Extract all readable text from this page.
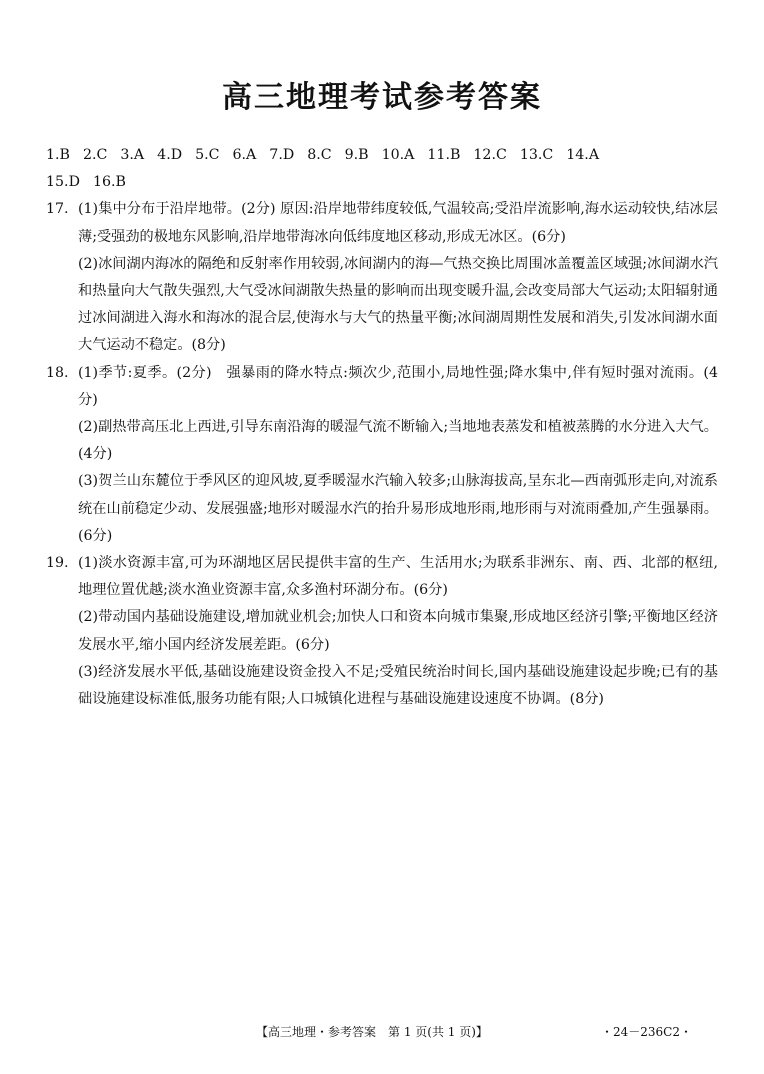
高三地理考试参考答案
1.B 2.C 3.A 4.D 5.C 6.A 7.D 8.C 9.B 10.A 11.B 12.C 13.C 14.A
15.D 16.B
17. (1)集中分布于沿岸地带。(2分) 原因:沿岸地带纬度较低,气温较高;受沿岸流影响,海水运动较快,结冰层薄;受强劲的极地东风影响,沿岸地带海冰向低纬度地区移动,形成无冰区。(6分)
(2)冰间湖内海冰的隔绝和反射率作用较弱,冰间湖内的海—气热交换比周围冰盖覆盖区域强;冰间湖水汽和热量向大气散失强烈,大气受冰间湖散失热量的影响而出现变暖升温,会改变局部大气运动;太阳辐射通过冰间湖进入海水和海冰的混合层,使海水与大气的热量平衡;冰间湖周期性发展和消失,引发冰间湖水面大气运动不稳定。(8分)
18. (1)季节:夏季。(2分)　强暴雨的降水特点:频次少,范围小,局地性强;降水集中,伴有短时强对流雨。(4分)
(2)副热带高压北上西进,引导东南沿海的暖湿气流不断输入;当地地表蒸发和植被蒸腾的水分进入大气。(4分)
(3)贺兰山东麓位于季风区的迎风坡,夏季暖湿水汽输入较多;山脉海拔高,呈东北—西南弧形走向,对流系统在山前稳定少动、发展强盛;地形对暖湿水汽的抬升易形成地形雨,地形雨与对流雨叠加,产生强暴雨。(6分)
19. (1)淡水资源丰富,可为环湖地区居民提供丰富的生产、生活用水;为联系非洲东、南、西、北部的枢纽,地理位置优越;淡水渔业资源丰富,众多渔村环湖分布。(6分)
(2)带动国内基础设施建设,增加就业机会;加快人口和资本向城市集聚,形成地区经济引擎;平衡地区经济发展水平,缩小国内经济发展差距。(6分)
(3)经济发展水平低,基础设施建设资金投入不足;受殖民统治时间长,国内基础设施建设起步晚;已有的基础设施建设标准低,服务功能有限;人口城镇化进程与基础设施建设速度不协调。(8分)
【高三地理・参考答案　第 1 页(共 1 页)】	・24－236C2・
